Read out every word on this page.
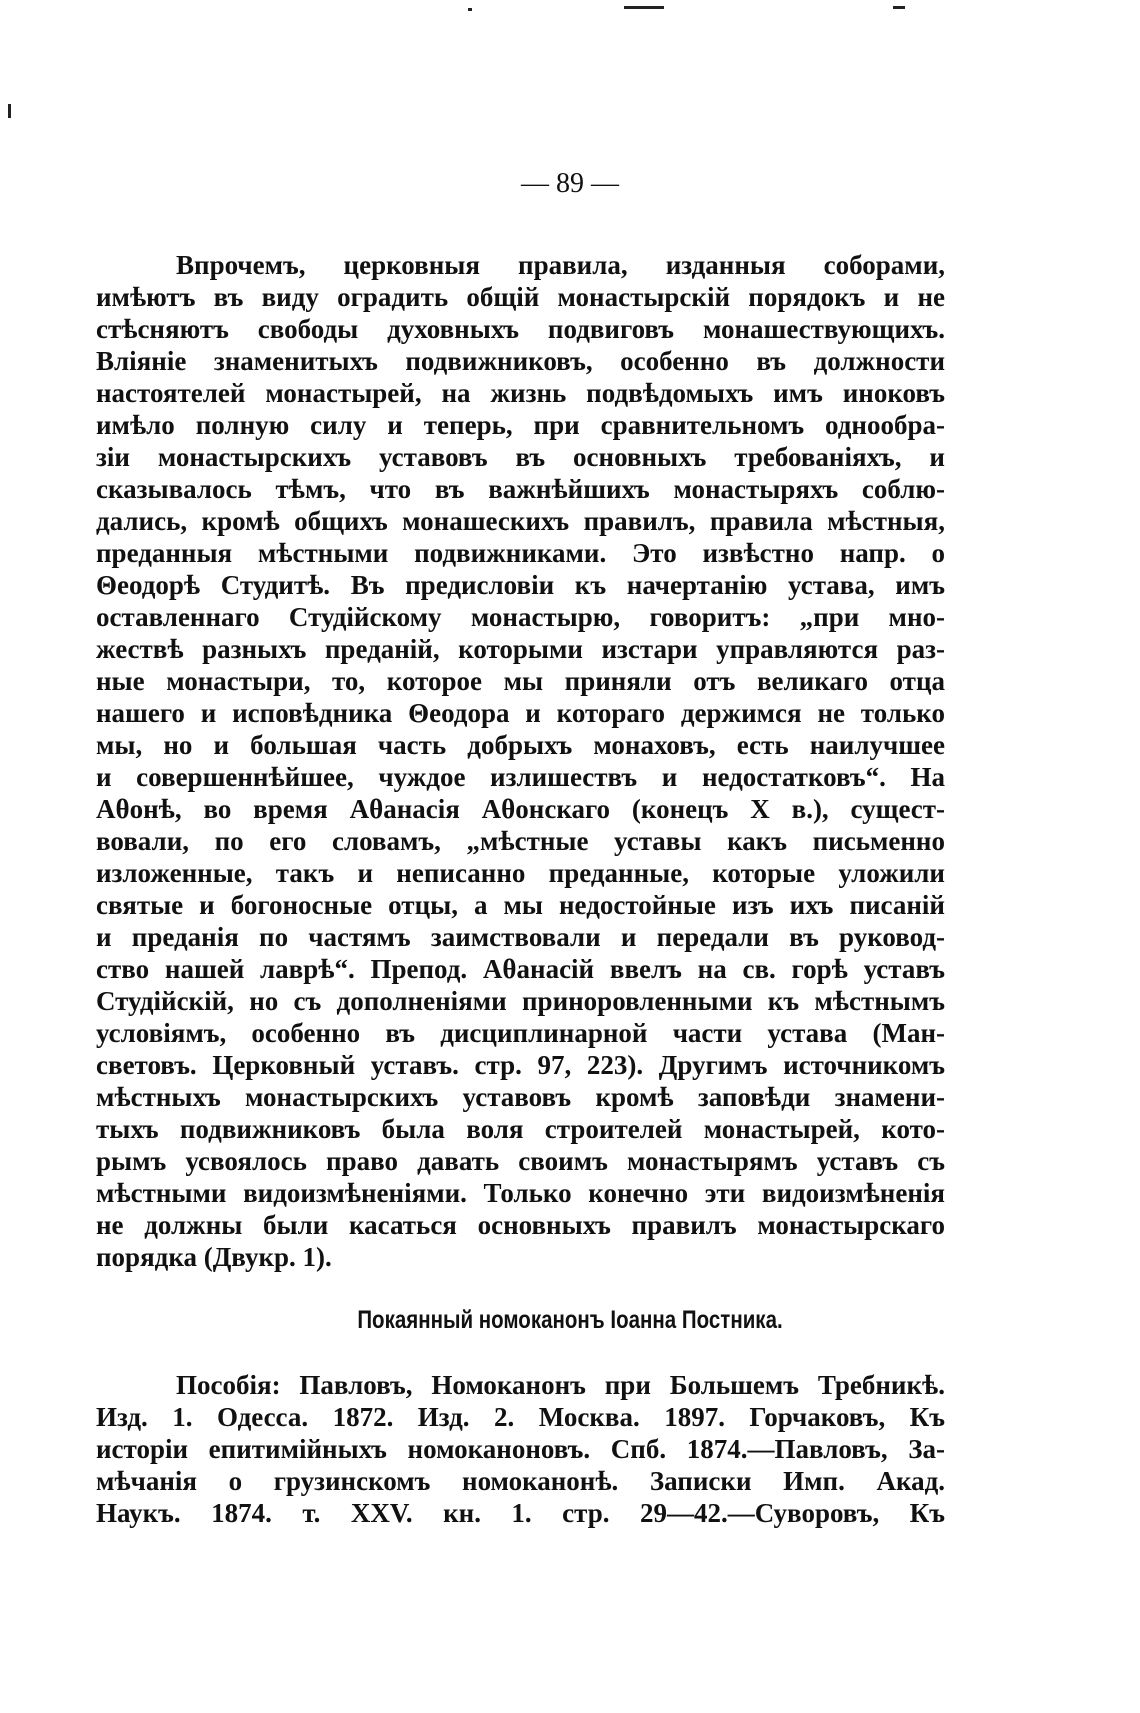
— 89 —
Впрочемъ, церковныя правила, изданныя соборами,
имѣютъ въ виду оградить общій монастырскій порядокъ и не
стѣсняютъ свободы духовныхъ подвиговъ монашествующихъ.
Вліяніе знаменитыхъ подвижниковъ, особенно въ должности
настоятелей монастырей, на жизнь подвѣдомыхъ имъ иноковъ
имѣло полную силу и теперь, при сравнительномъ однообра-
зіи монастырскихъ уставовъ въ основныхъ требованіяхъ, и
сказывалось тѣмъ, что въ важнѣйшихъ монастыряхъ соблю-
дались, кромѣ общихъ монашескихъ правилъ, правила мѣстныя,
преданныя мѣстными подвижниками. Это извѣстно напр. о
Θеодорѣ Студитѣ. Въ предисловіи къ начертанію устава, имъ
оставленнаго Студійскому монастырю, говоритъ: „при мно-
жествѣ разныхъ преданій, которыми изстари управляются раз-
ные монастыри, то, которое мы приняли отъ великаго отца
нашего и исповѣдника Θеодора и котораго держимся не только
мы, но и большая часть добрыхъ монаховъ, есть наилучшее
и совершеннѣйшее, чуждое излишествъ и недостатковъ“. На
Аθонѣ, во время Аθанасія Аθонскаго (конецъ X в.), сущест-
вовали, по его словамъ, „мѣстные уставы какъ письменно
изложенные, такъ и неписанно преданные, которые уложили
святые и богоносные отцы, а мы недостойные изъ ихъ писаній
и преданія по частямъ заимствовали и передали въ руковод-
ство нашей лаврѣ“. Препод. Аθанасій ввелъ на св. горѣ уставъ
Студійскій, но съ дополненіями приноровленными къ мѣстнымъ
условіямъ, особенно въ дисциплинарной части устава (Ман-
световъ. Церковный уставъ. стр. 97, 223). Другимъ источникомъ
мѣстныхъ монастырскихъ уставовъ кромѣ заповѣди знамени-
тыхъ подвижниковъ была воля строителей монастырей, кото-
рымъ усвоялось право давать своимъ монастырямъ уставъ съ
мѣстными видоизмѣненіями. Только конечно эти видоизмѣненія
не должны были касаться основныхъ правилъ монастырскаго
порядка (Двукр. 1).
Покаянный номоканонъ Іоанна Постника.
Пособія: Павловъ, Номоканонъ при Большемъ Требникѣ.
Изд. 1. Одесса. 1872. Изд. 2. Москва. 1897. Горчаковъ, Къ
исторіи епитимійныхъ номоканоновъ. Спб. 1874.—Павловъ, За-
мѣчанія о грузинскомъ номоканонѣ. Записки Имп. Акад.
Наукъ. 1874. т. XXV. кн. 1. стр. 29—42.—Суворовъ, Къ
